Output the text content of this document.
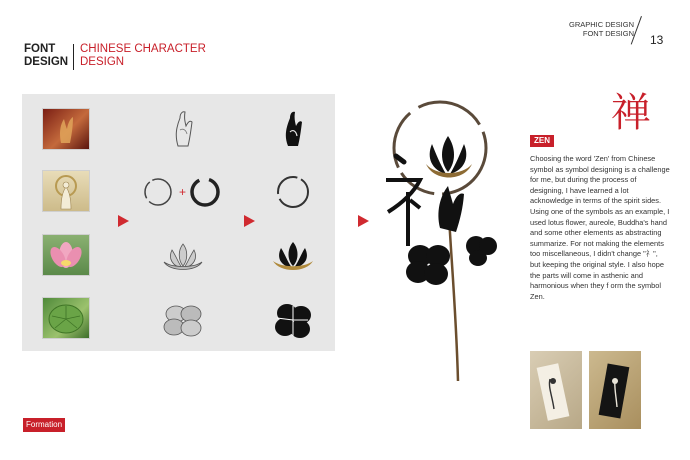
FONT
DESIGN
CHINESE CHARACTER
DESIGN
GRAPHIC DESIGN
FONT DESIGN 13
+
禅
ZEN
Choosing the word 'Zen' from Chinese symbol as symbol designing is a challenge for me, but during the process of designing, I have learned a lot acknowledge in terms of the spirit sides. Using one of the symbols as an example, I used lotus flower, aureole, Buddha's hand and some other elements as abstracting summarize. For not making the elements too miscellaneous, I didn't change "礻", but keeping the original style. I also hope the parts will come in asthenic and harmonious when they f orm the symbol Zen.
Formation
